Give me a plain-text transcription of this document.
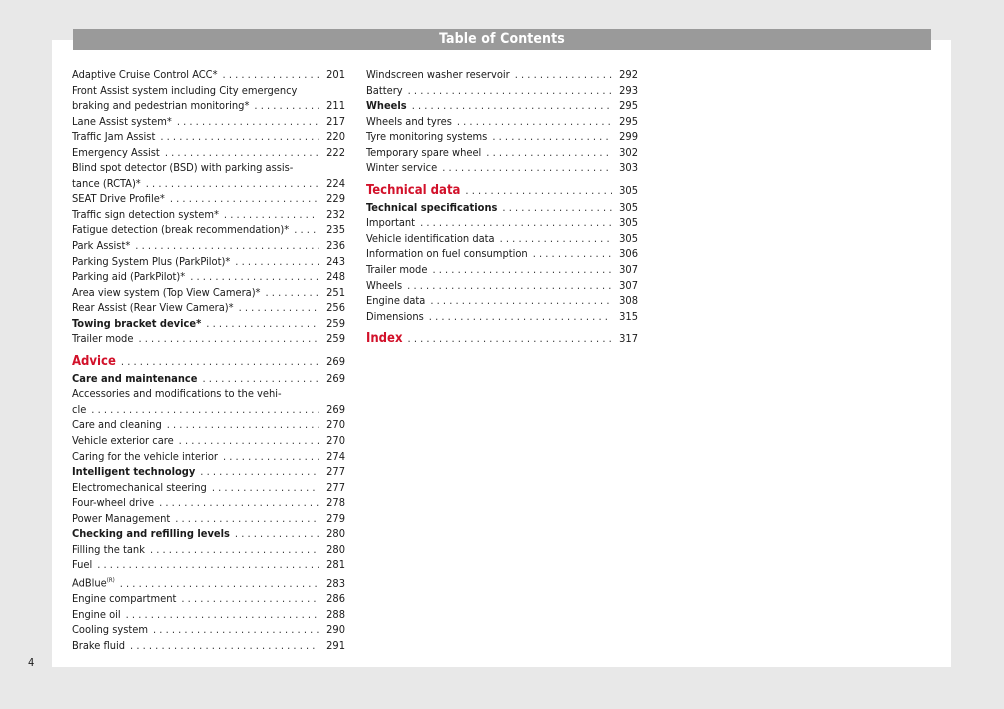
Table of Contents
Adaptive Cruise Control ACC* . . .	201
Front Assist system including City emergency
braking and pedestrian monitoring* . . .	211
Lane Assist system* . . .	217
Traffic Jam Assist . . .	220
Emergency Assist . . .	222
Blind spot detector (BSD) with parking assis-
tance (RCTA)* . . .	224
SEAT Drive Profile* . . .	229
Traffic sign detection system* . . .	232
Fatigue detection (break recommendation)* . . .	235
Park Assist* . . .	236
Parking System Plus (ParkPilot)* . . .	243
Parking aid (ParkPilot)* . . .	248
Area view system (Top View Camera)* . . .	251
Rear Assist (Rear View Camera)* . . .	256
Towing bracket device* . . .	259
Trailer mode . . .	259
Advice . . .	269
Care and maintenance . . .	269
Accessories and modifications to the vehi-
cle . . .	269
Care and cleaning . . .	270
Vehicle exterior care . . .	270
Caring for the vehicle interior . . .	274
Intelligent technology . . .	277
Electromechanical steering . . .	277
Four-wheel drive . . .	278
Power Management . . .	279
Checking and refilling levels . . .	280
Filling the tank . . .	280
Fuel . . .	281
AdBlue$^{(R)}$ . . .	283
Engine compartment . . .	286
Engine oil . . .	288
Cooling system . . .	290
Brake fluid . . .	291
Windscreen washer reservoir . . .	292
Battery . . .	293
Wheels . . .	295
Wheels and tyres . . .	295
Tyre monitoring systems . . .	299
Temporary spare wheel . . .	302
Winter service . . .	303
Technical data . . .	305
Technical specifications . . .	305
Important . . .	305
Vehicle identification data . . .	305
Information on fuel consumption . . .	306
Trailer mode . . .	307
Wheels . . .	307
Engine data . . .	308
Dimensions . . .	315
Index . . .	317
4
